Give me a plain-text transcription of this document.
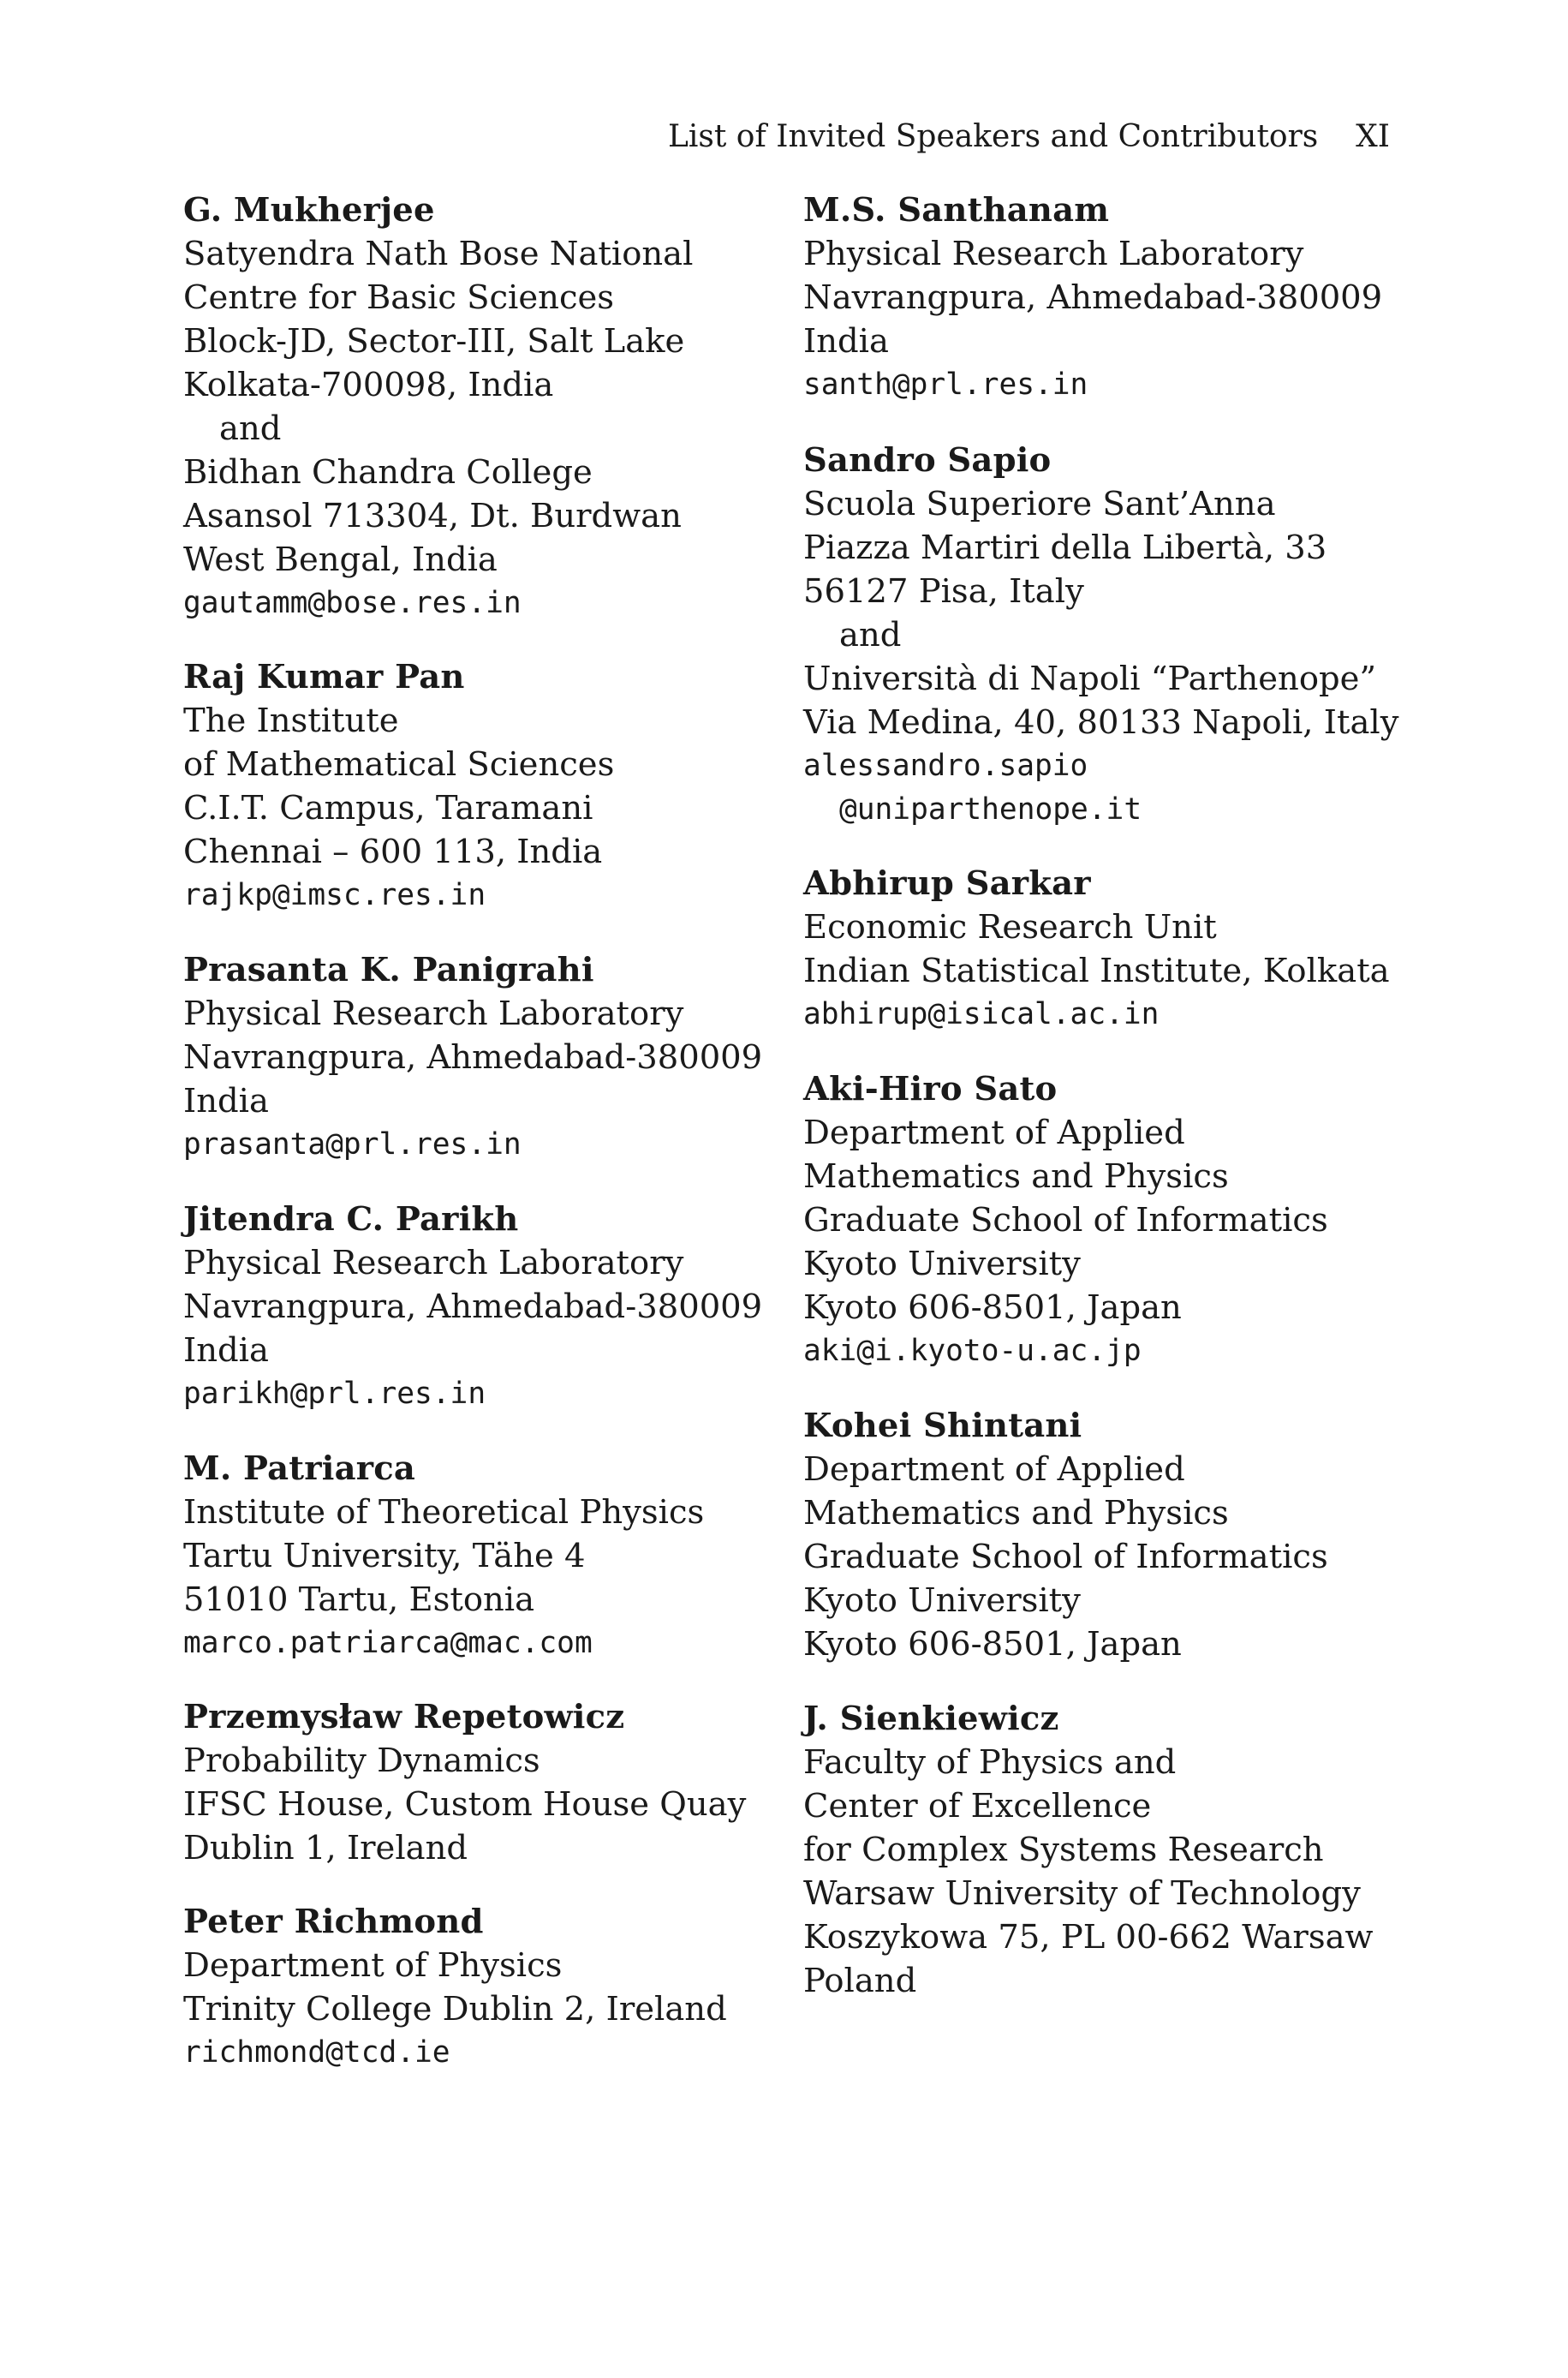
List of Invited Speakers and Contributors XI
G. Mukherjee
Satyendra Nath Bose National
Centre for Basic Sciences
Block-JD, Sector-III, Salt Lake
Kolkata-700098, India
and
Bidhan Chandra College
Asansol 713304, Dt. Burdwan
West Bengal, India
gautamm@bose.res.in
Raj Kumar Pan
The Institute
of Mathematical Sciences
C.I.T. Campus, Taramani
Chennai – 600 113, India
rajkp@imsc.res.in
Prasanta K. Panigrahi
Physical Research Laboratory
Navrangpura, Ahmedabad-380009
India
prasanta@prl.res.in
Jitendra C. Parikh
Physical Research Laboratory
Navrangpura, Ahmedabad-380009
India
parikh@prl.res.in
M. Patriarca
Institute of Theoretical Physics
Tartu University, Tähe 4
51010 Tartu, Estonia
marco.patriarca@mac.com
Przemysław Repetowicz
Probability Dynamics
IFSC House, Custom House Quay
Dublin 1, Ireland
Peter Richmond
Department of Physics
Trinity College Dublin 2, Ireland
richmond@tcd.ie
M.S. Santhanam
Physical Research Laboratory
Navrangpura, Ahmedabad-380009
India
santh@prl.res.in
Sandro Sapio
Scuola Superiore Sant’Anna
Piazza Martiri della Libertà, 33
56127 Pisa, Italy
and
Università di Napoli “Parthenope”
Via Medina, 40, 80133 Napoli, Italy
alessandro.sapio
@uniparthenope.it
Abhirup Sarkar
Economic Research Unit
Indian Statistical Institute, Kolkata
abhirup@isical.ac.in
Aki-Hiro Sato
Department of Applied
Mathematics and Physics
Graduate School of Informatics
Kyoto University
Kyoto 606-8501, Japan
aki@i.kyoto-u.ac.jp
Kohei Shintani
Department of Applied
Mathematics and Physics
Graduate School of Informatics
Kyoto University
Kyoto 606-8501, Japan
J. Sienkiewicz
Faculty of Physics and
Center of Excellence
for Complex Systems Research
Warsaw University of Technology
Koszykowa 75, PL 00-662 Warsaw
Poland
